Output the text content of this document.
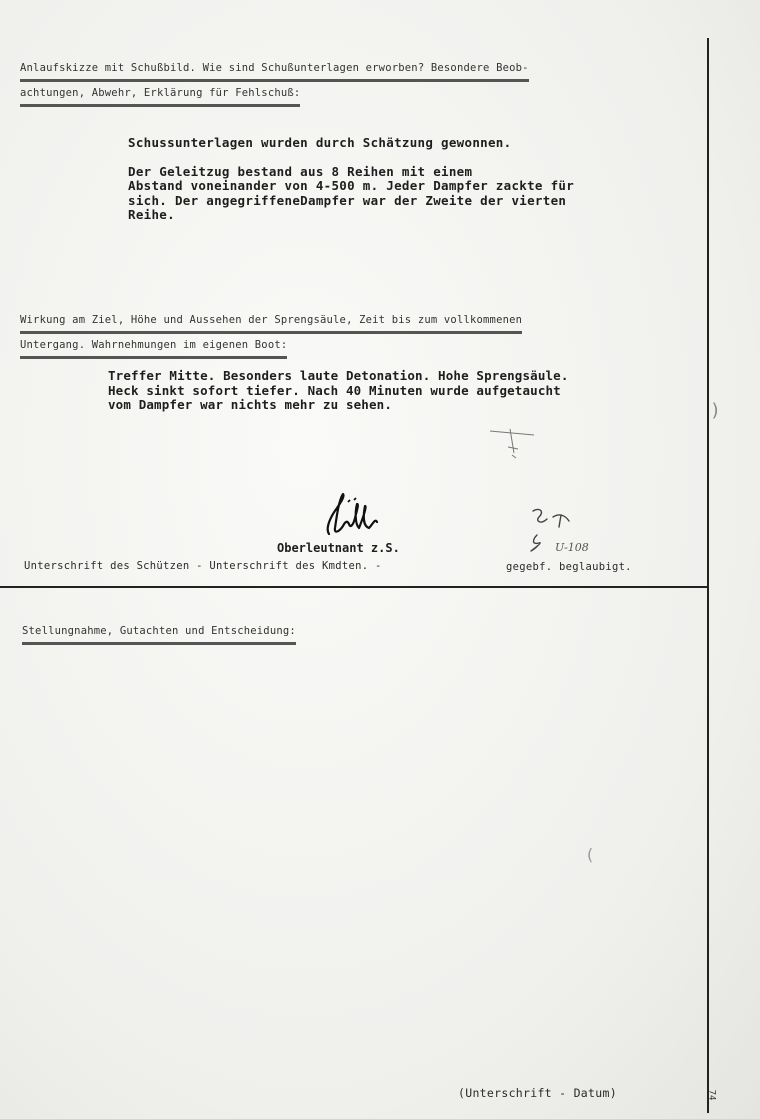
Anlaufskizze mit Schußbild. Wie sind Schußunterlagen erworben? Besondere Beob-
achtungen, Abwehr, Erklärung für Fehlschuß:

Schussunterlagen wurden durch Schätzung gewonnen.

Der Geleitzug bestand aus 8 Reihen mit einem

Abstand voneinander von 4-500 m. Jeder Dampfer zackte für

sich. Der angegriffeneDampfer war der Zweite der vierten

Reihe.

Wirkung am Ziel, Höhe und Aussehen der Sprengsäule, Zeit bis zum vollkommenen
Untergang. Wahrnehmungen im eigenen Boot:

Treffer Mitte. Besonders laute Detonation. Hohe Sprengsäule.

Heck sinkt sofort tiefer. Nach 40 Minuten wurde aufgetaucht

vom Dampfer war nichts mehr zu sehen.

U-108
Oberleutnant z.S.
Unterschrift des Schützen - Unterschrift des Kmdten. -	gegebf. beglaubigt.
Stellungnahme, Gutachten und Entscheidung:
(Unterschrift - Datum)
)
(
74
